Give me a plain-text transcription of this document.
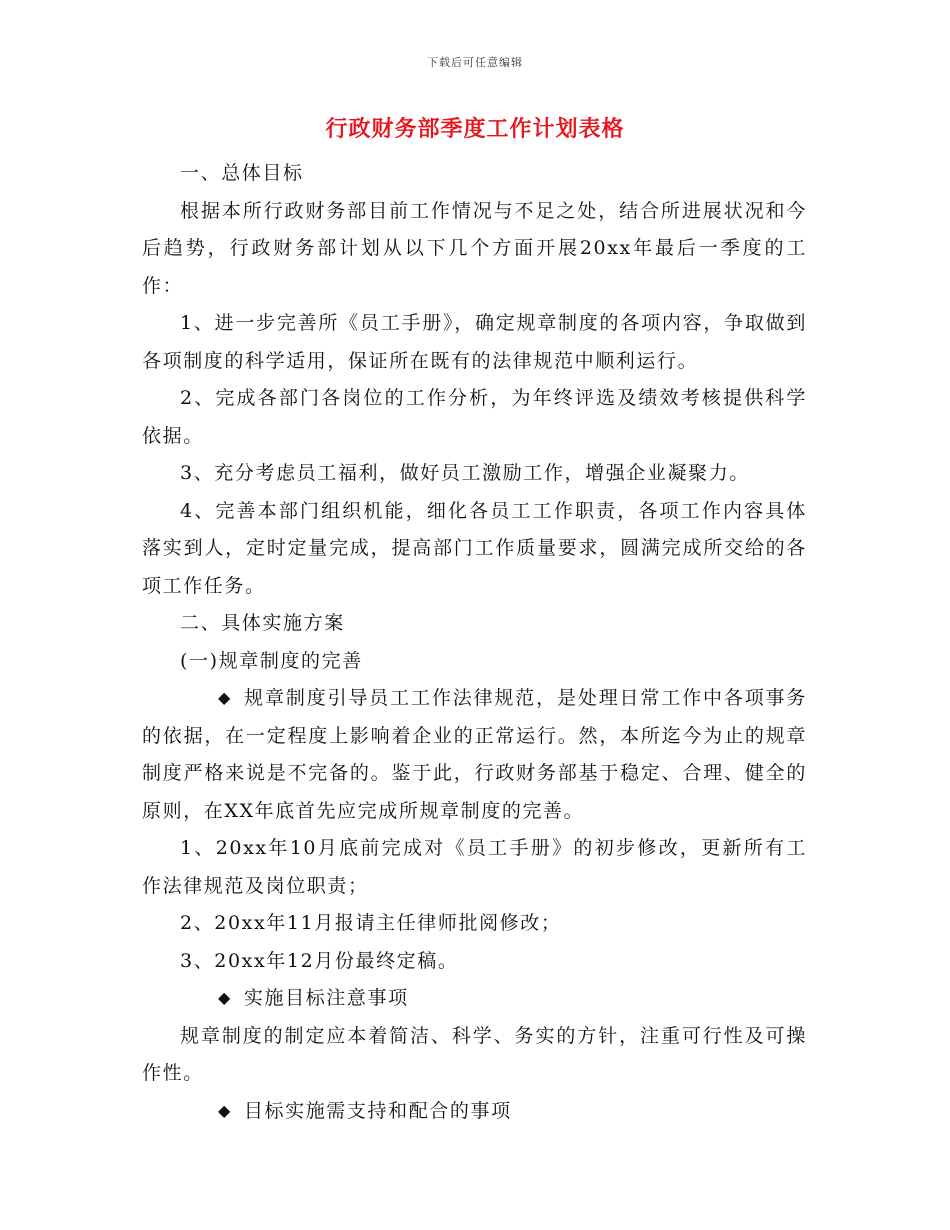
下载后可任意编辑
行政财务部季度工作计划表格

一、总体目标

根据本所行政财务部目前工作情况与不足之处，结合所进展状况和今后趋势，行政财务部计划从以下几个方面开展20xx年最后一季度的工作：

1、进一步完善所《员工手册》，确定规章制度的各项内容，争取做到各项制度的科学适用，保证所在既有的法律规范中顺利运行。

2、完成各部门各岗位的工作分析，为年终评选及绩效考核提供科学依据。

3、充分考虑员工福利，做好员工激励工作，增强企业凝聚力。

4、完善本部门组织机能，细化各员工工作职责，各项工作内容具体落实到人，定时定量完成，提高部门工作质量要求，圆满完成所交给的各项工作任务。

二、具体实施方案

(一)规章制度的完善

◆ 规章制度引导员工工作法律规范，是处理日常工作中各项事务的依据，在一定程度上影响着企业的正常运行。然，本所迄今为止的规章制度严格来说是不完备的。鉴于此，行政财务部基于稳定、合理、健全的原则，在XX年底首先应完成所规章制度的完善。

1、20xx年10月底前完成对《员工手册》的初步修改，更新所有工作法律规范及岗位职责；

2、20xx年11月报请主任律师批阅修改；

3、20xx年12月份最终定稿。

◆ 实施目标注意事项

规章制度的制定应本着简洁、科学、务实的方针，注重可行性及可操作性。

◆ 目标实施需支持和配合的事项
